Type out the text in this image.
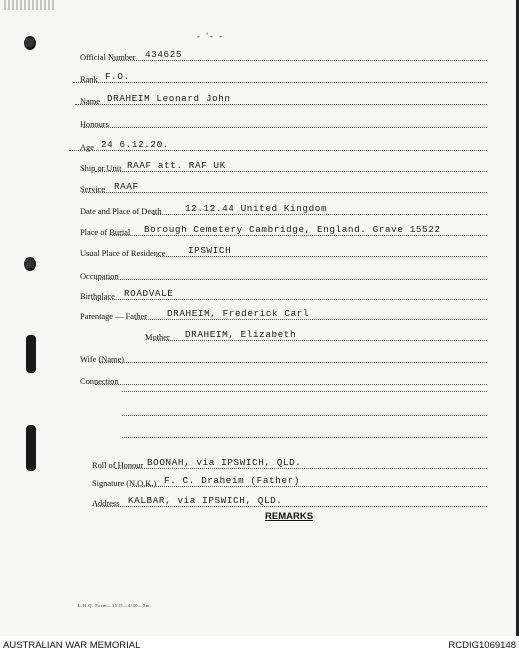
- '- -
Official Number 434625
Rank F.O.
Name DRAHEIM Leonard John
Honours
Age 24 6.12.20.
Ship or Unit RAAF att. RAF UK
Service RAAF
Date and Place of Death	12.12.44 United Kingdom
Place of Burial Borough Cemetery Cambridge, England. Grave 15522
Usual Place of Residence IPSWICH
Occupation
Birthplace ROADVALE
Parentage — Father DRAHEIM, Frederick Carl
Mother DRAHEIM, Elizabeth
Wife (Name)
Connection
Roll of Honour BOONAH, via IPSWICH, QLD.
Signature (N.O.K.) F. C. Draheim (Father)
Address KALBAR, via IPSWICH, QLD.
REMARKS
L.H.Q. Form—3535—4/40—5m.
AUSTRALIAN WAR MEMORIAL	RCDIG1069148
